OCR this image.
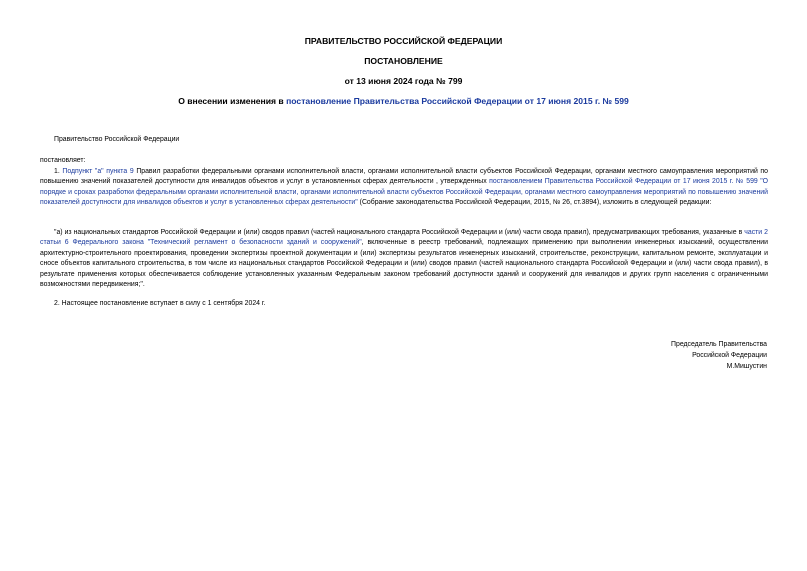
ПРАВИТЕЛЬСТВО РОССИЙСКОЙ ФЕДЕРАЦИИ
ПОСТАНОВЛЕНИЕ
от 13 июня 2024 года № 799
О внесении изменения в постановление Правительства Российской Федерации от 17 июня 2015 г. № 599
Правительство Российской Федерации
постановляет:
1. Подпункт "а" пункта 9 Правил разработки федеральными органами исполнительной власти, органами исполнительной власти субъектов Российской Федерации, органами местного самоуправления мероприятий по повышению значений показателей доступности для инвалидов объектов и услуг в установленных сферах деятельности , утвержденных постановлением Правительства Российской Федерации от 17 июня 2015 г. № 599 "О порядке и сроках разработки федеральными органами исполнительной власти, органами исполнительной власти субъектов Российской Федерации, органами местного самоуправления мероприятий по повышению значений показателей доступности для инвалидов объектов и услуг в установленных сферах деятельности" (Собрание законодательства Российской Федерации, 2015, № 26, ст.3894), изложить в следующей редакции:
"а) из национальных стандартов Российской Федерации и (или) сводов правил (частей национального стандарта Российской Федерации и (или) части свода правил), предусматривающих требования, указанные в части 2 статьи 6 Федерального закона "Технический регламент о безопасности зданий и сооружений", включенные в реестр требований, подлежащих применению при выполнении инженерных изысканий, осуществлении архитектурно-строительного проектирования, проведении экспертизы проектной документации и (или) экспертизы результатов инженерных изысканий, строительстве, реконструкции, капитальном ремонте, эксплуатации и сносе объектов капитального строительства, в том числе из национальных стандартов Российской Федерации и (или) сводов правил (частей национального стандарта Российской Федерации и (или) части свода правил), в результате применения которых обеспечивается соблюдение установленных указанным Федеральным законом требований доступности зданий и сооружений для инвалидов и других групп населения с ограниченными возможностями передвижения;".
2. Настоящее постановление вступает в силу с 1 сентября 2024 г.
Председатель Правительства
Российской Федерации
М.Мишустин
